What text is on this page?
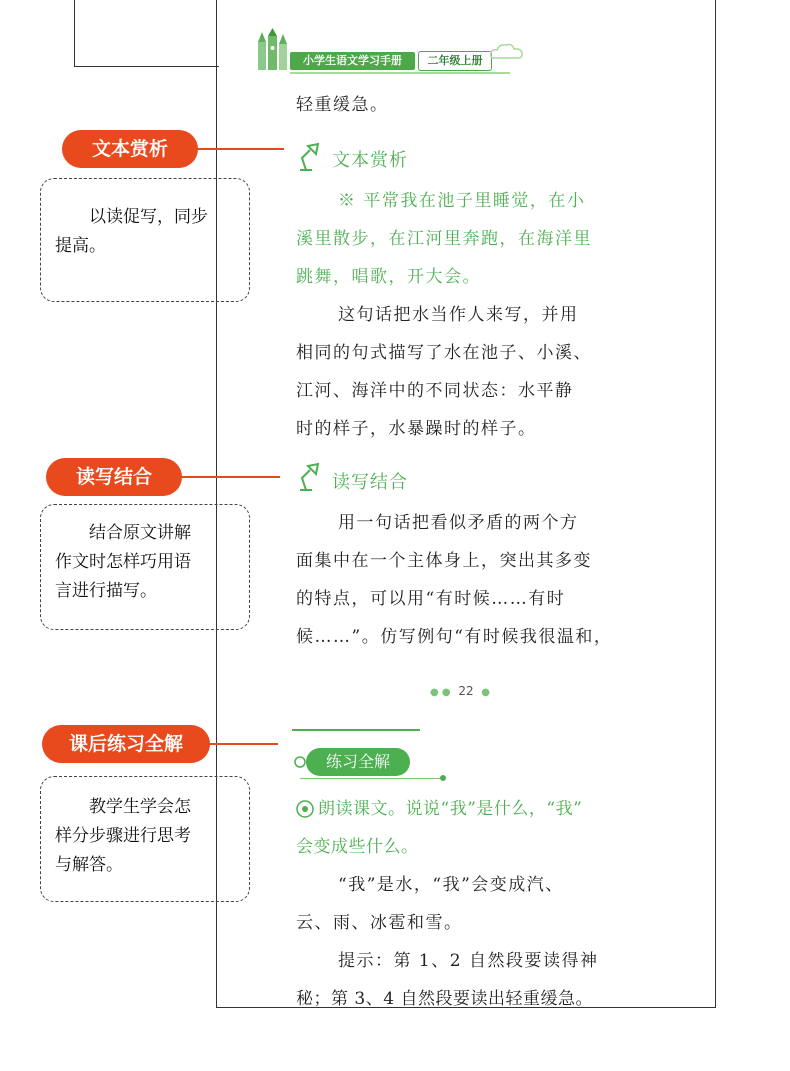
小学生语文学习手册	二年级上册
轻重缓急。
文本赏析
※ 平常我在池子里睡觉，在小
溪里散步，在江河里奔跑，在海洋里
跳舞，唱歌，开大会。
这句话把水当作人来写，并用
相同的句式描写了水在池子、小溪、
江河、海洋中的不同状态：水平静
时的样子，水暴躁时的样子。
读写结合
用一句话把看似矛盾的两个方
面集中在一个主体身上，突出其多变
的特点，可以用“有时候……有时
候……”。仿写例句“有时候我很温和，
● ● 22 ●
练习全解
朗读课文。说说“我”是什么，“我”
会变成些什么。
“我”是水，“我”会变成汽、
云、雨、冰雹和雪。
提示：第 1、2 自然段要读得神
秘；第 3、4 自然段要读出轻重缓急。
文本赏析
以读促写，同步
提高。
读写结合
结合原文讲解
作文时怎样巧用语
言进行描写。
课后练习全解
教学生学会怎
样分步骤进行思考
与解答。
